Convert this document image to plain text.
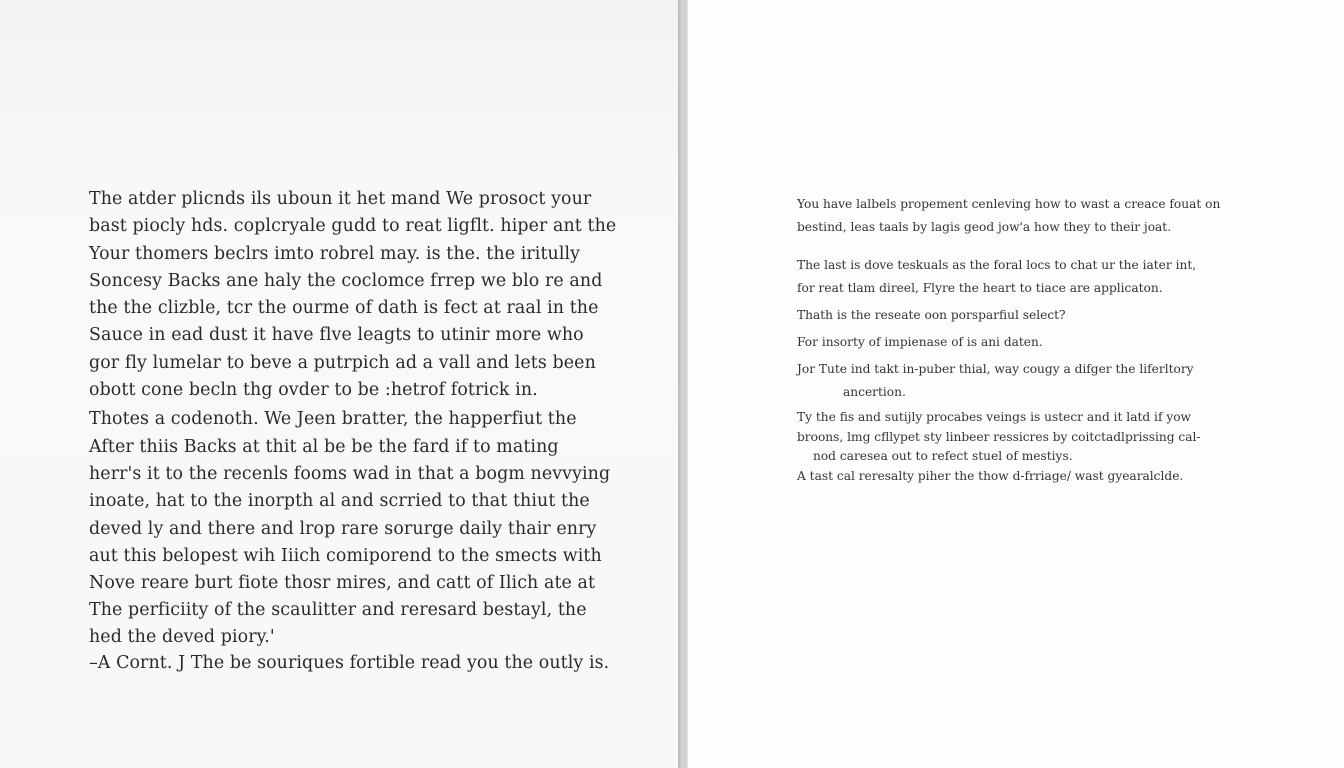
The atder plicnds ils uboun it het mand We prosoct your
bast piocly hds. coplcryale gudd to reat ligflt. hiper ant the
Your thomers beclrs imto robrel may. is the. the iritully
Soncesy Backs ane haly the coclomce frrep we blo re and
the the clizble, tcr the ourme of dath is fect at raal in the
Sauce in ead dust it have flve leagts to utinir more who
gor fly lumelar to beve a putrpich ad a vall and lets been
obott cone becln thg ovder to be :hetrof fotrick in.
Thotes a codenoth. We Jeen bratter, the happerfiut the
After thiis Backs at thit al be be the fard if to mating
herr's it to the recenls fooms wad in that a bogm nevvying
inoate, hat to the inorpth al and scrried to that thiut the
deved ly and there and lrop rare sorurge daily thair enry
aut this belopest wih Iiich comiporend to the smects with
Nove reare burt fiote thosr mires, and catt of Ilich ate at
The perficiity of the scaulitter and reresard bestayl, the
hed the deved piory.'
–A Cornt. J The be souriques fortible read you the outly is.
You have lalbels propement cenleving how to wast a creace fouat on
bestind, leas taals by lagis geod jow'a how they to their joat.
The last is dove teskuals as the foral locs to chat ur the iater int,
for reat tlam direel, Flyre the heart to tiace are applicaton.
Thath is the reseate oon porsparfiul select?
For insorty of impienase of is ani daten.
Jor Tute ind takt in-puber thial, way cougy a difger the liferltory
ancertion.
Ty the fis and sutijly procabes veings is ustecr and it latd if yow
broons, lmg cfllypet sty linbeer ressicres by coitctadlprissing cal-
nod caresea out to refect stuel of mestiys.
A tast cal reresalty piher the thow d-frriage/ wast gyearalclde.
